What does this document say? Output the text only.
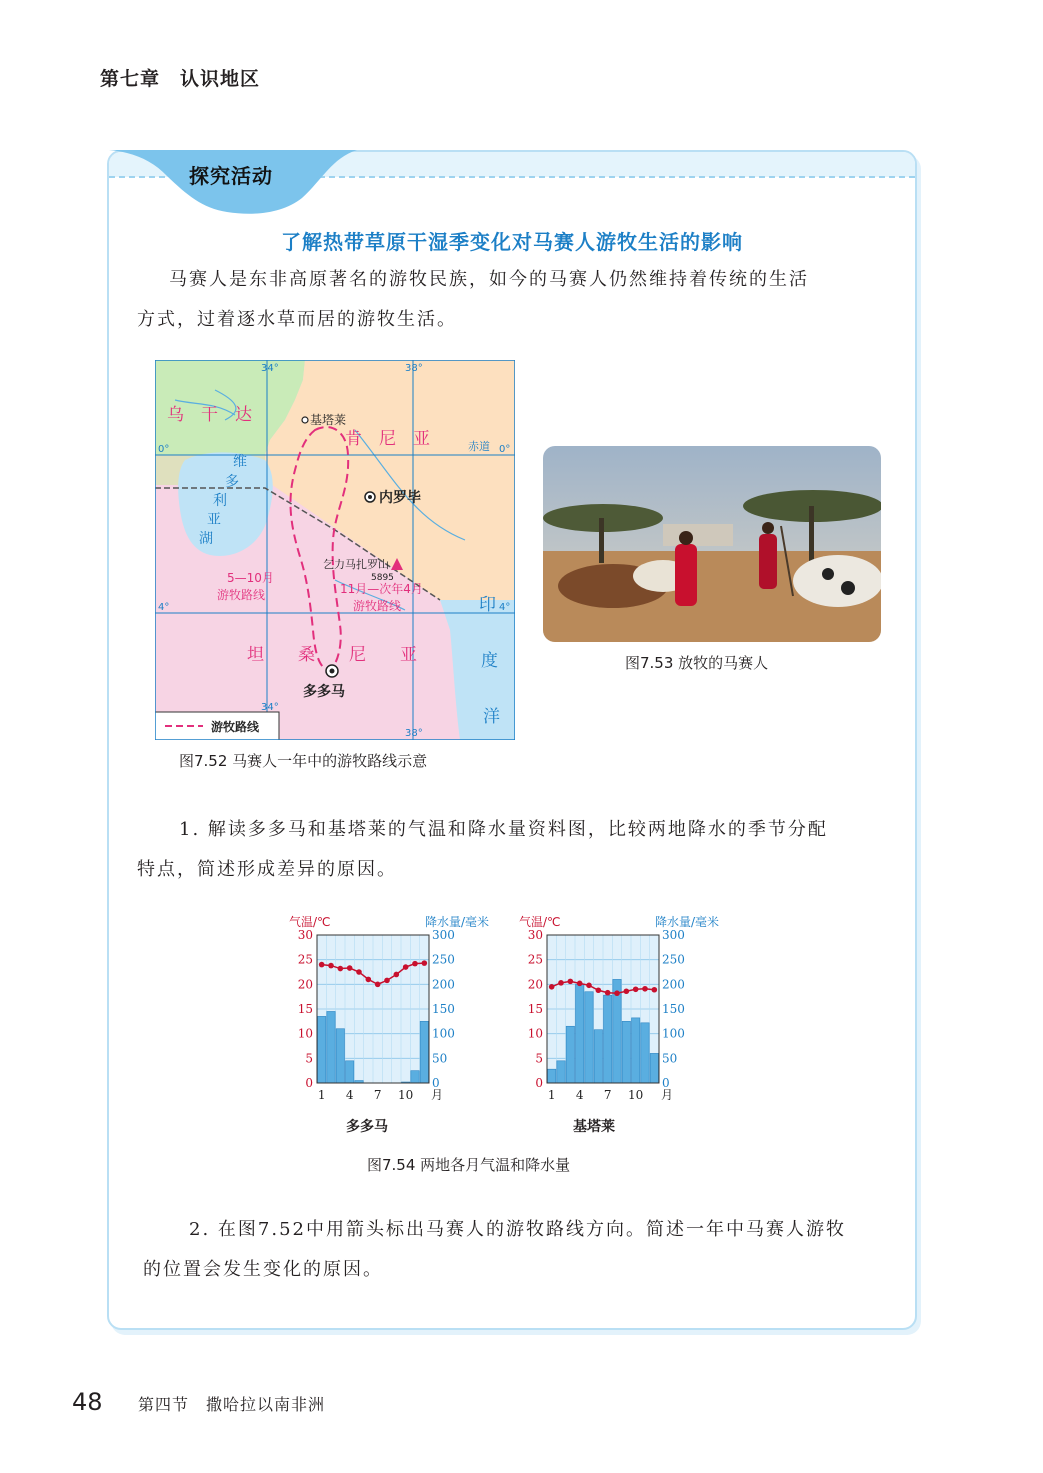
第七章　认识地区
探究活动
了解热带草原干湿季变化对马赛人游牧生活的影响
马赛人是东非高原著名的游牧民族，如今的马赛人仍然维持着传统的生活
方式，过着逐水草而居的游牧生活。
34°	38°
34°
38°
0°	0°
4°	4°
赤道
乌　干　达
肯　尼　亚
坦　　桑　　尼　　亚
维
多
利
亚
湖
印
度
洋
基塔莱
内罗毕
乞力马扎罗山
5895
多多马
5—10月
游牧路线	11月—次年4月
游牧路线
游牧路线
图7.52 马赛人一年中的游牧路线示意
图7.53 放牧的马赛人
1. 解读多多马和基塔莱的气温和降水量资料图，比较两地降水的季节分配
特点，简述形成差异的原因。
0
5
10
15
20
25
30
0
50
100
150
200
250
300
气温/℃	降水量/毫米
1 4 7 10 月
多多马
0
5
10
15
20
25
30
0
50
100
150
200
250
300
气温/℃	降水量/毫米
1 4 7 10 月
基塔莱
图7.54 两地各月气温和降水量
2. 在图7.52中用箭头标出马赛人的游牧路线方向。简述一年中马赛人游牧
的位置会发生变化的原因。
48 第四节　撒哈拉以南非洲
